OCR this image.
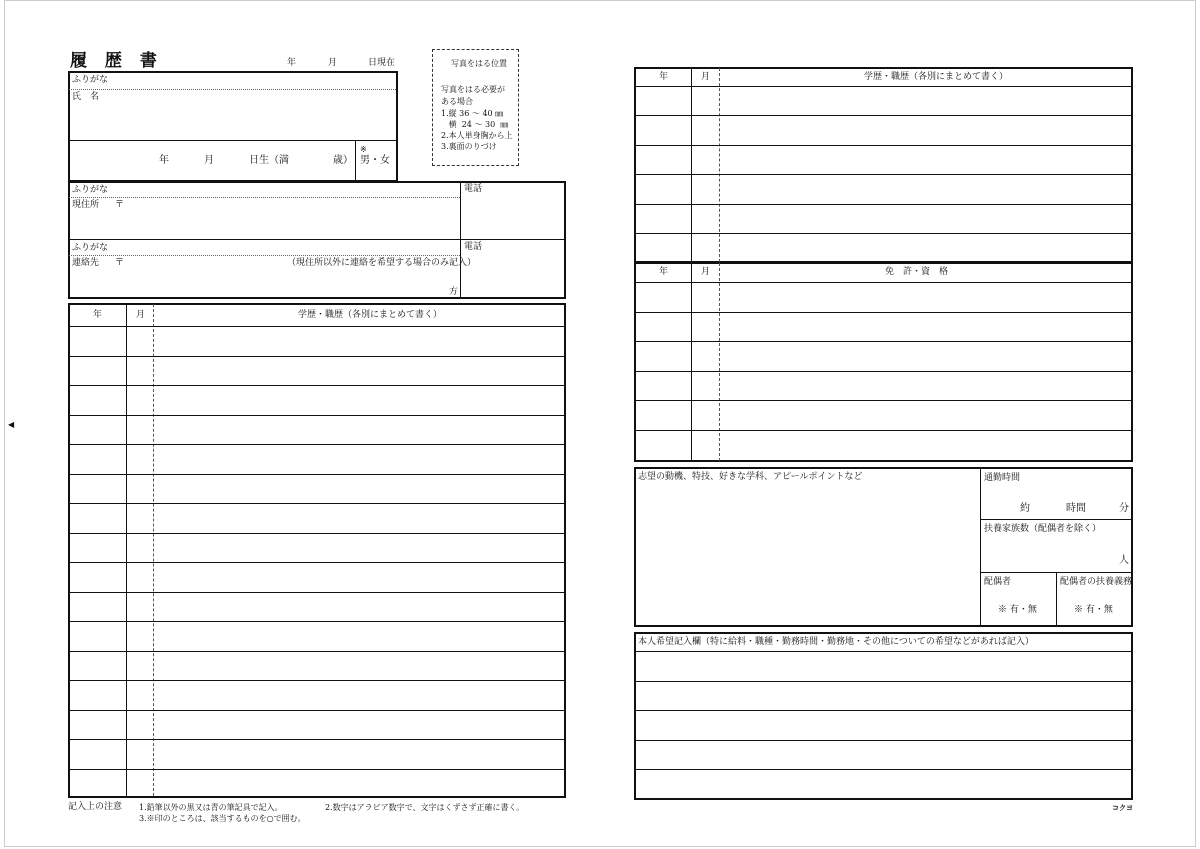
◀
履 歴 書	年	月	日現在	写真をはる位置
写真をはる必要が
ある場合
1.縦 36 ～ 40 ㎜
横  24 ～ 30  ㎜
2.本人単身胸から上
3.裏面のりづけ
ふりがな
氏　名
年	月	日生（満	歳）
※
男・女
ふりがな
現住所 〒
電話
ふりがな
連絡先 〒	（現住所以外に連絡を希望する場合のみ記入）
方
電話
年	月	学歴・職歴（各別にまとめて書く）
記入上の注意 1.鉛筆以外の黒又は青の筆記具で記入。	2.数字はアラビア数字で、文字はくずさず正確に書く。
3.※印のところは、該当するものを○で囲む。
年	月	学歴・職歴（各別にまとめて書く）
年	月	免　許・資　格
志望の動機、特技、好きな学科、アピールポイントなど	通勤時間
約	時間	分
扶養家族数（配偶者を除く）
人
配偶者
※ 有・無
配偶者の扶養義務
※ 有・無
本人希望記入欄（特に給料・職種・勤務時間・勤務地・その他についての希望などがあれば記入）
コクヨ
